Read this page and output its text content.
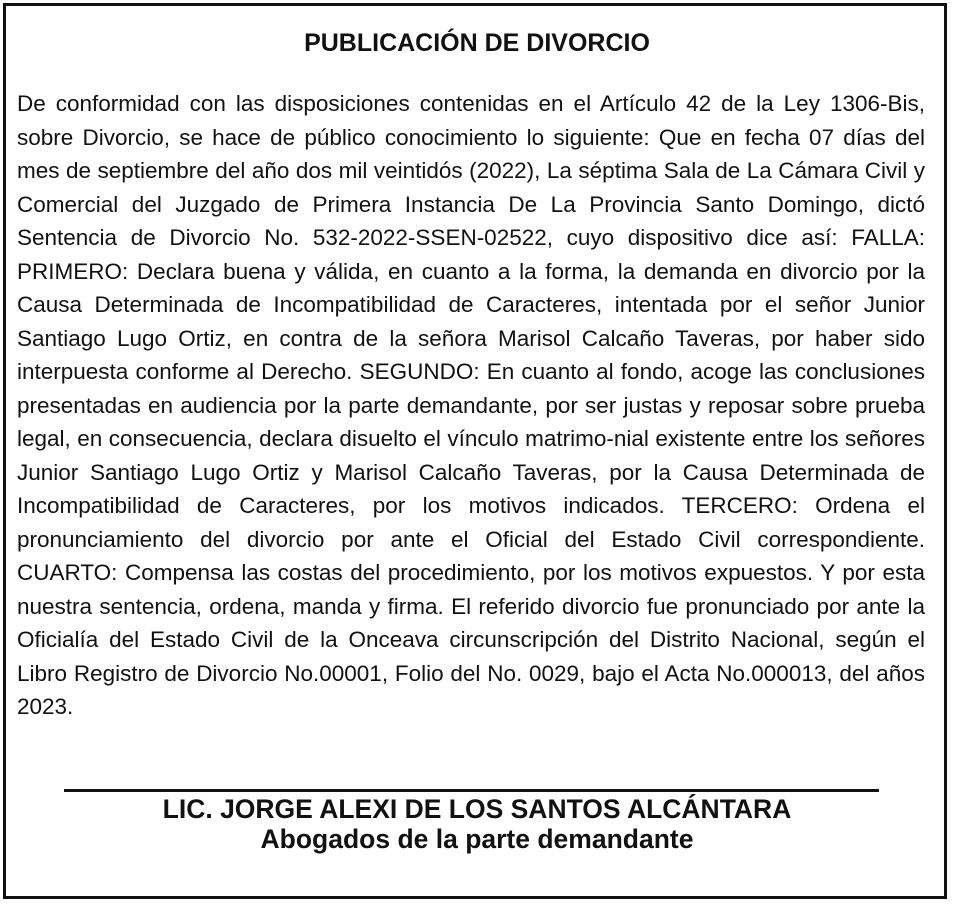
PUBLICACIÓN DE DIVORCIO

De conformidad con las disposiciones contenidas en el Artículo 42 de la Ley 1306-Bis, sobre Divorcio, se hace de público conocimiento lo siguiente: Que en fecha 07 días del mes de septiembre del año dos mil veintidós (2022), La séptima Sala de La Cámara Civil y Comercial del Juzgado de Primera Instancia De La Provincia Santo Domingo, dictó Sentencia de Divorcio No. 532-2022-SSEN-02522, cuyo dispositivo dice así: FALLA: PRIMERO: Declara buena y válida, en cuanto a la forma, la demanda en divorcio por la Causa Determinada de Incompatibilidad de Caracteres, intentada por el señor Junior Santiago Lugo Ortiz, en contra de la señora Marisol Calcaño Taveras, por haber sido interpuesta conforme al Derecho. SEGUNDO: En cuanto al fondo, acoge las conclusiones presentadas en audiencia por la parte demandante, por ser justas y reposar sobre prueba legal, en consecuencia, declara disuelto el vínculo matrimo-nial existente entre los señores Junior Santiago Lugo Ortiz y Marisol Calcaño Taveras, por la Causa Determinada de Incompatibilidad de Caracteres, por los motivos indicados. TERCERO: Ordena el pronunciamiento del divorcio por ante el Oficial del Estado Civil correspondiente. CUARTO: Compensa las costas del procedimiento, por los motivos expuestos. Y por esta nuestra sentencia, ordena, manda y firma. El referido divorcio fue pronunciado por ante la Oficialía del Estado Civil de la Onceava circunscripción del Distrito Nacional, según el Libro Registro de Divorcio No.00001, Folio del No. 0029, bajo el Acta No.000013, del años 2023.

LIC. JORGE ALEXI DE LOS SANTOS ALCÁNTARA
Abogados de la parte demandante
